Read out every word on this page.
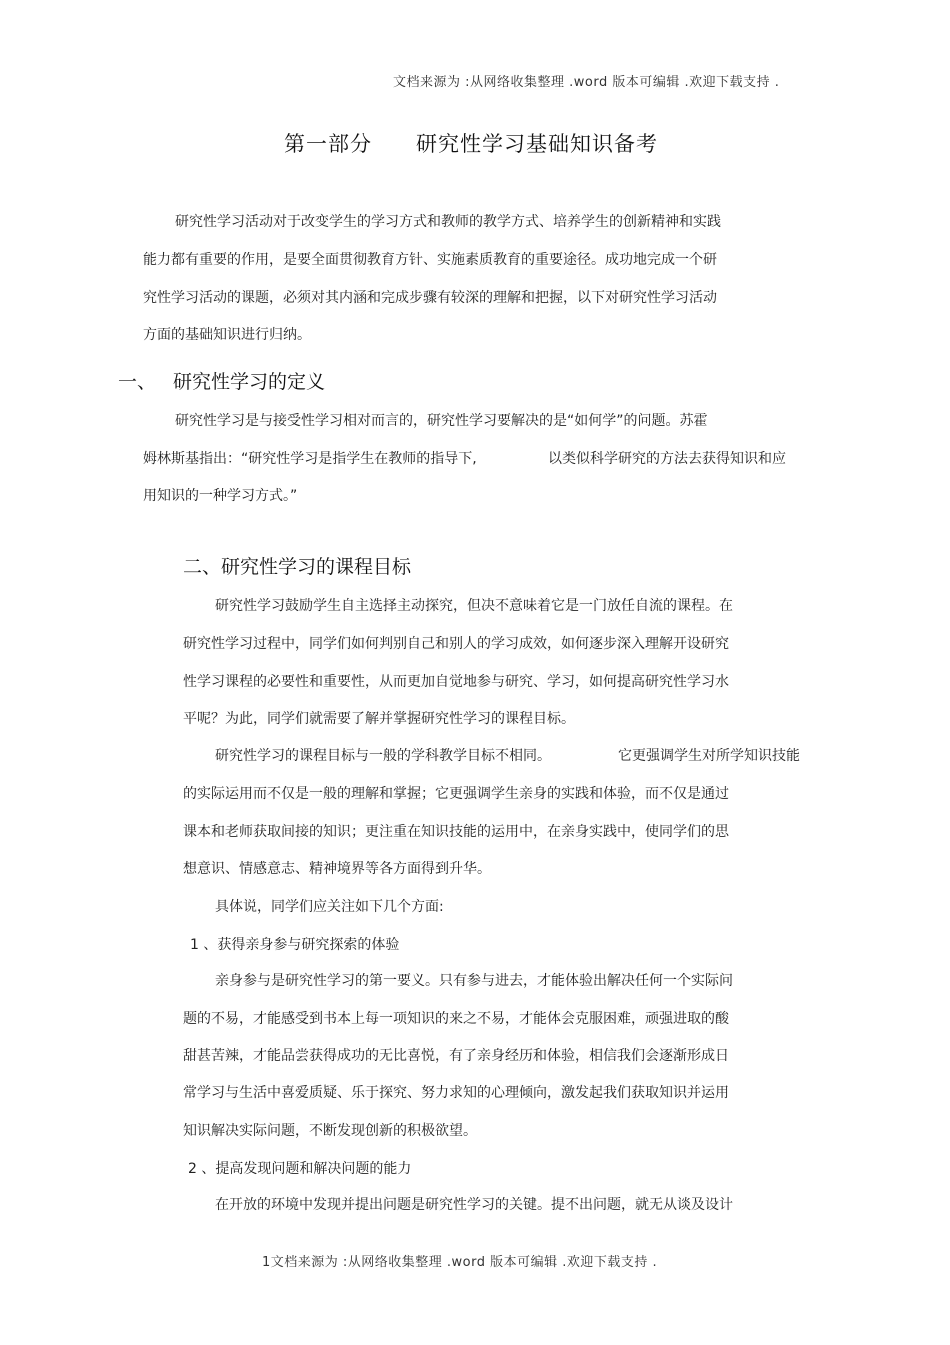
文档来源为 :从网络收集整理 .word 版本可编辑 .欢迎下载支持 .
第一部分　　研究性学习基础知识备考
研究性学习活动对于改变学生的学习方式和教师的教学方式、培养学生的创新精神和实践
能力都有重要的作用，是要全面贯彻教育方针、实施素质教育的重要途径。成功地完成一个研
究性学习活动的课题，必须对其内涵和完成步骤有较深的理解和把握，以下对研究性学习活动
方面的基础知识进行归纳。
一、 研究性学习的定义
研究性学习是与接受性学习相对而言的，研究性学习要解决的是“如何学”的问题。苏霍
姆林斯基指出：“研究性学习是指学生在教师的指导下,	以类似科学研究的方法去获得知识和应
用知识的一种学习方式。”
二、研究性学习的课程目标
研究性学习鼓励学生自主选择主动探究，但决不意味着它是一门放任自流的课程。在
研究性学习过程中，同学们如何判别自己和别人的学习成效，如何逐步深入理解开设研究
性学习课程的必要性和重要性，从而更加自觉地参与研究、学习，如何提高研究性学习水
平呢？为此，同学们就需要了解并掌握研究性学习的课程目标。
研究性学习的课程目标与一般的学科教学目标不相同。	它更强调学生对所学知识技能
的实际运用而不仅是一般的理解和掌握；它更强调学生亲身的实践和体验，而不仅是通过
课本和老师获取间接的知识；更注重在知识技能的运用中，在亲身实践中，使同学们的思
想意识、情感意志、精神境界等各方面得到升华。
具体说，同学们应关注如下几个方面:
1 、获得亲身参与研究探索的体验
亲身参与是研究性学习的第一要义。只有参与进去，才能体验出解决任何一个实际问
题的不易，才能感受到书本上每一项知识的来之不易，才能体会克服困难，顽强进取的酸
甜甚苦辣，才能品尝获得成功的无比喜悦，有了亲身经历和体验，相信我们会逐渐形成日
常学习与生活中喜爱质疑、乐于探究、努力求知的心理倾向，激发起我们获取知识并运用
知识解决实际问题，不断发现创新的积极欲望。
2 、提高发现问题和解决问题的能力
在开放的环境中发现并提出问题是研究性学习的关键。提不出问题，就无从谈及设计
1文档来源为 :从网络收集整理 .word 版本可编辑 .欢迎下载支持 .
